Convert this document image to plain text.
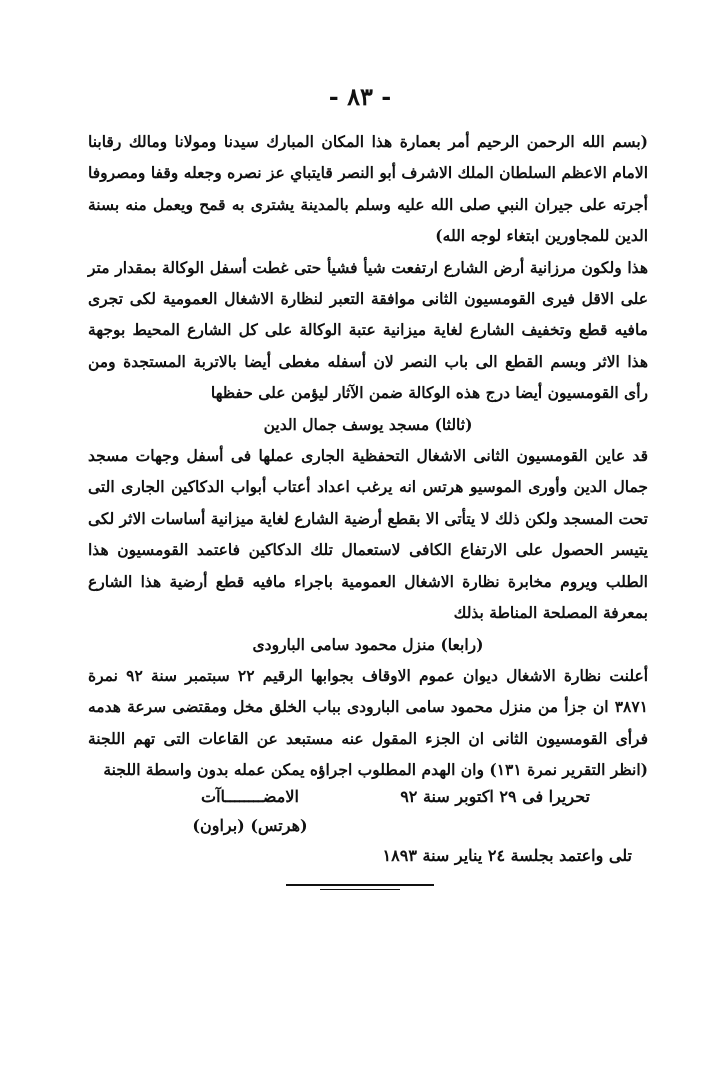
- ٨٣ -

(بسم الله الرحمن الرحيم أمر بعمارة هذا المكان المبارك سيدنا ومولانا ومالك رقابنا الامام الاعظم السلطان الملك الاشرف أبو النصر قايتباي عز نصره وجعله وقفا ومصروفا أجرته على جيران النبي صلى الله عليه وسلم بالمدينة يشترى به قمح ويعمل منه بسنة الدين للمجاورين ابتغاء لوجه الله)

هذا ولكون مرزانية أرض الشارع ارتفعت شيأ فشيأ حتى غطت أسفل الوكالة بمقدار متر على الاقل فيرى القومسيون الثانى موافقة التعبر لنظارة الاشغال العمومية لكى تجرى مافيه قطع وتخفيف الشارع لغاية ميزانية عتبة الوكالة على كل الشارع المحيط بوجهة هذا الاثر وبسم القطع الى باب النصر لان أسفله مغطى أيضا بالاتربة المستجدة ومن رأى القومسيون أيضا درج هذه الوكالة ضمن الآثار ليؤمن على حفظها

(ثالثا) مسجد يوسف جمال الدين

قد عاين القومسيون الثانى الاشغال التحفظية الجارى عملها فى أسفل وجهات مسجد جمال الدين وأورى الموسيو هرتس انه يرغب اعداد أعتاب أبواب الدكاكين الجارى التى تحت المسجد ولكن ذلك لا يتأتى الا بقطع أرضية الشارع لغاية ميزانية أساسات الاثر لكى يتيسر الحصول على الارتفاع الكافى لاستعمال تلك الدكاكين فاعتمد القومسيون هذا الطلب ويروم مخابرة نظارة الاشغال العمومية باجراء مافيه قطع أرضية هذا الشارع بمعرفة المصلحة المناطة بذلك

(رابعا) منزل محمود سامى البارودى

أعلنت نظارة الاشغال ديوان عموم الاوقاف بجوابها الرقيم ٢٢ سبتمبر سنة ٩٢ نمرة ٣٨٧١ ان جزأ من منزل محمود سامى البارودى بباب الخلق مخل ومقتضى سرعة هدمه فرأى القومسيون الثانى ان الجزء المقول عنه مستبعد عن القاعات التى تهم اللجنة (انظر التقرير نمرة ١٣١) وان الهدم المطلوب اجراؤه يمكن عمله بدون واسطة اللجنة

تحريرا فى ٢٩ اكتوبر سنة ٩٢
الامضــــــــاآت
(هرتس) (براون)
تلى واعتمد بجلسة ٢٤ يناير سنة ١٨٩٣
